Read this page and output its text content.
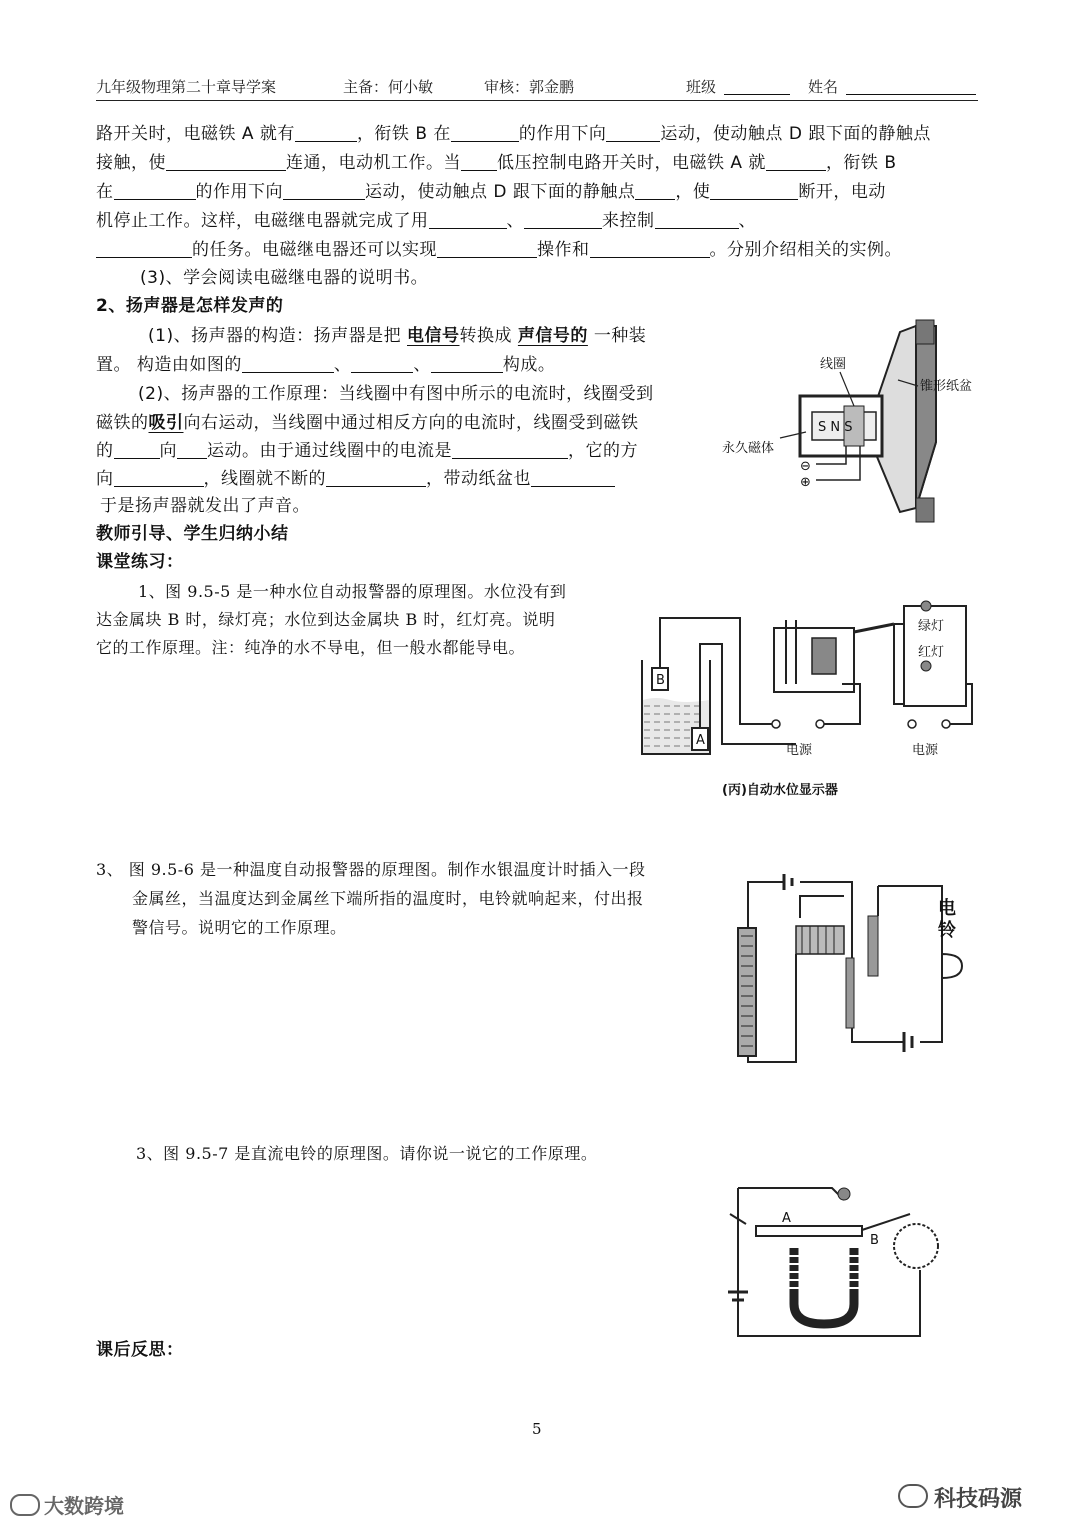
九年级物理第二十章导学案	主备：何小敏	审核：郭金鹏	班级	姓名
路开关时，电磁铁 A 就有	，衔铁 B 在	的作用下向	运动，使动触点 D 跟下面的静触点
接触，使	连通，电动机工作。当 低压控制电路开关时，电磁铁 A 就	，衔铁 B
在	的作用下向	运动，使动触点 D 跟下面的静触点 ，使	断开，电动
机停止工作。这样，电磁继电器就完成了用	、	来控制	、
的任务。电磁继电器还可以实现	操作和	。分别介绍相关的实例。
(3)、学会阅读电磁继电器的说明书。
2、扬声器是怎样发声的
(1)、扬声器的构造：扬声器是把 电信号转换成 声信号的 一种装
置。 构造由如图的	、	、	构成。
(2)、扬声器的工作原理：当线圈中有图中所示的电流时，线圈受到
磁铁的吸引向右运动，当线圈中通过相反方向的电流时，线圈受到磁铁
的	向 运动。由于通过线圈中的电流是	，它的方
向	，线圈就不断的	，带动纸盆也
于是扬声器就发出了声音。
S N S
线圈
锥形纸盆
永久磁体
⊖
⊕
教师引导、学生归纳小结
课堂练习：
1、图 9.5-5 是一种水位自动报警器的原理图。水位没有到
达金属块 B 时，绿灯亮；水位到达金属块 B 时，红灯亮。说明
它的工作原理。注：纯净的水不导电，但一般水都能导电。
B
A
电源
绿灯
红灯
电源
(丙)自动水位显示器
3、 图 9.5-6 是一种温度自动报警器的原理图。制作水银温度计时插入一段
金属丝，当温度达到金属丝下端所指的温度时，电铃就响起来，付出报
警信号。说明它的工作原理。
电
铃
3、图 9.5-7 是直流电铃的原理图。请你说一说它的工作原理。
A
B
课后反思：
5
大数跨境	科技码源
